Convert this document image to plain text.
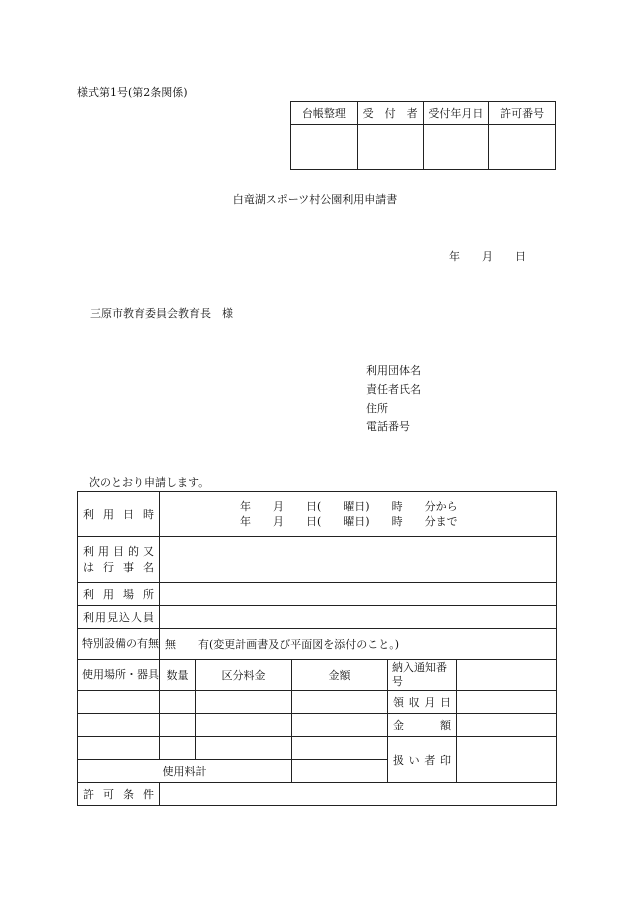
様式第1号(第2条関係)
台帳整理	受　付　者	受付年月日	許可番号

白竜湖スポーツ村公園利用申請書
年　　月　　日
三原市教育委員会教育長　様
利用団体名
責任者氏名
住所
電話番号
次のとおり申請します。
利用日時	年　　月　　日(　　曜日)　　時　　分から
年　　月　　日(　　曜日)　　時　　分まで				

利用目的又
は行事名					

利用場所					
利用見込人員					
特別設備の有無	無　　有(変更計画書及び平面図を添付のこと。)				
使用場所・器具	数量	区分料金	金額	納入通知番号	
				領収月日	
				金　額	
				扱い者印	
使用料計					
許可条件					
